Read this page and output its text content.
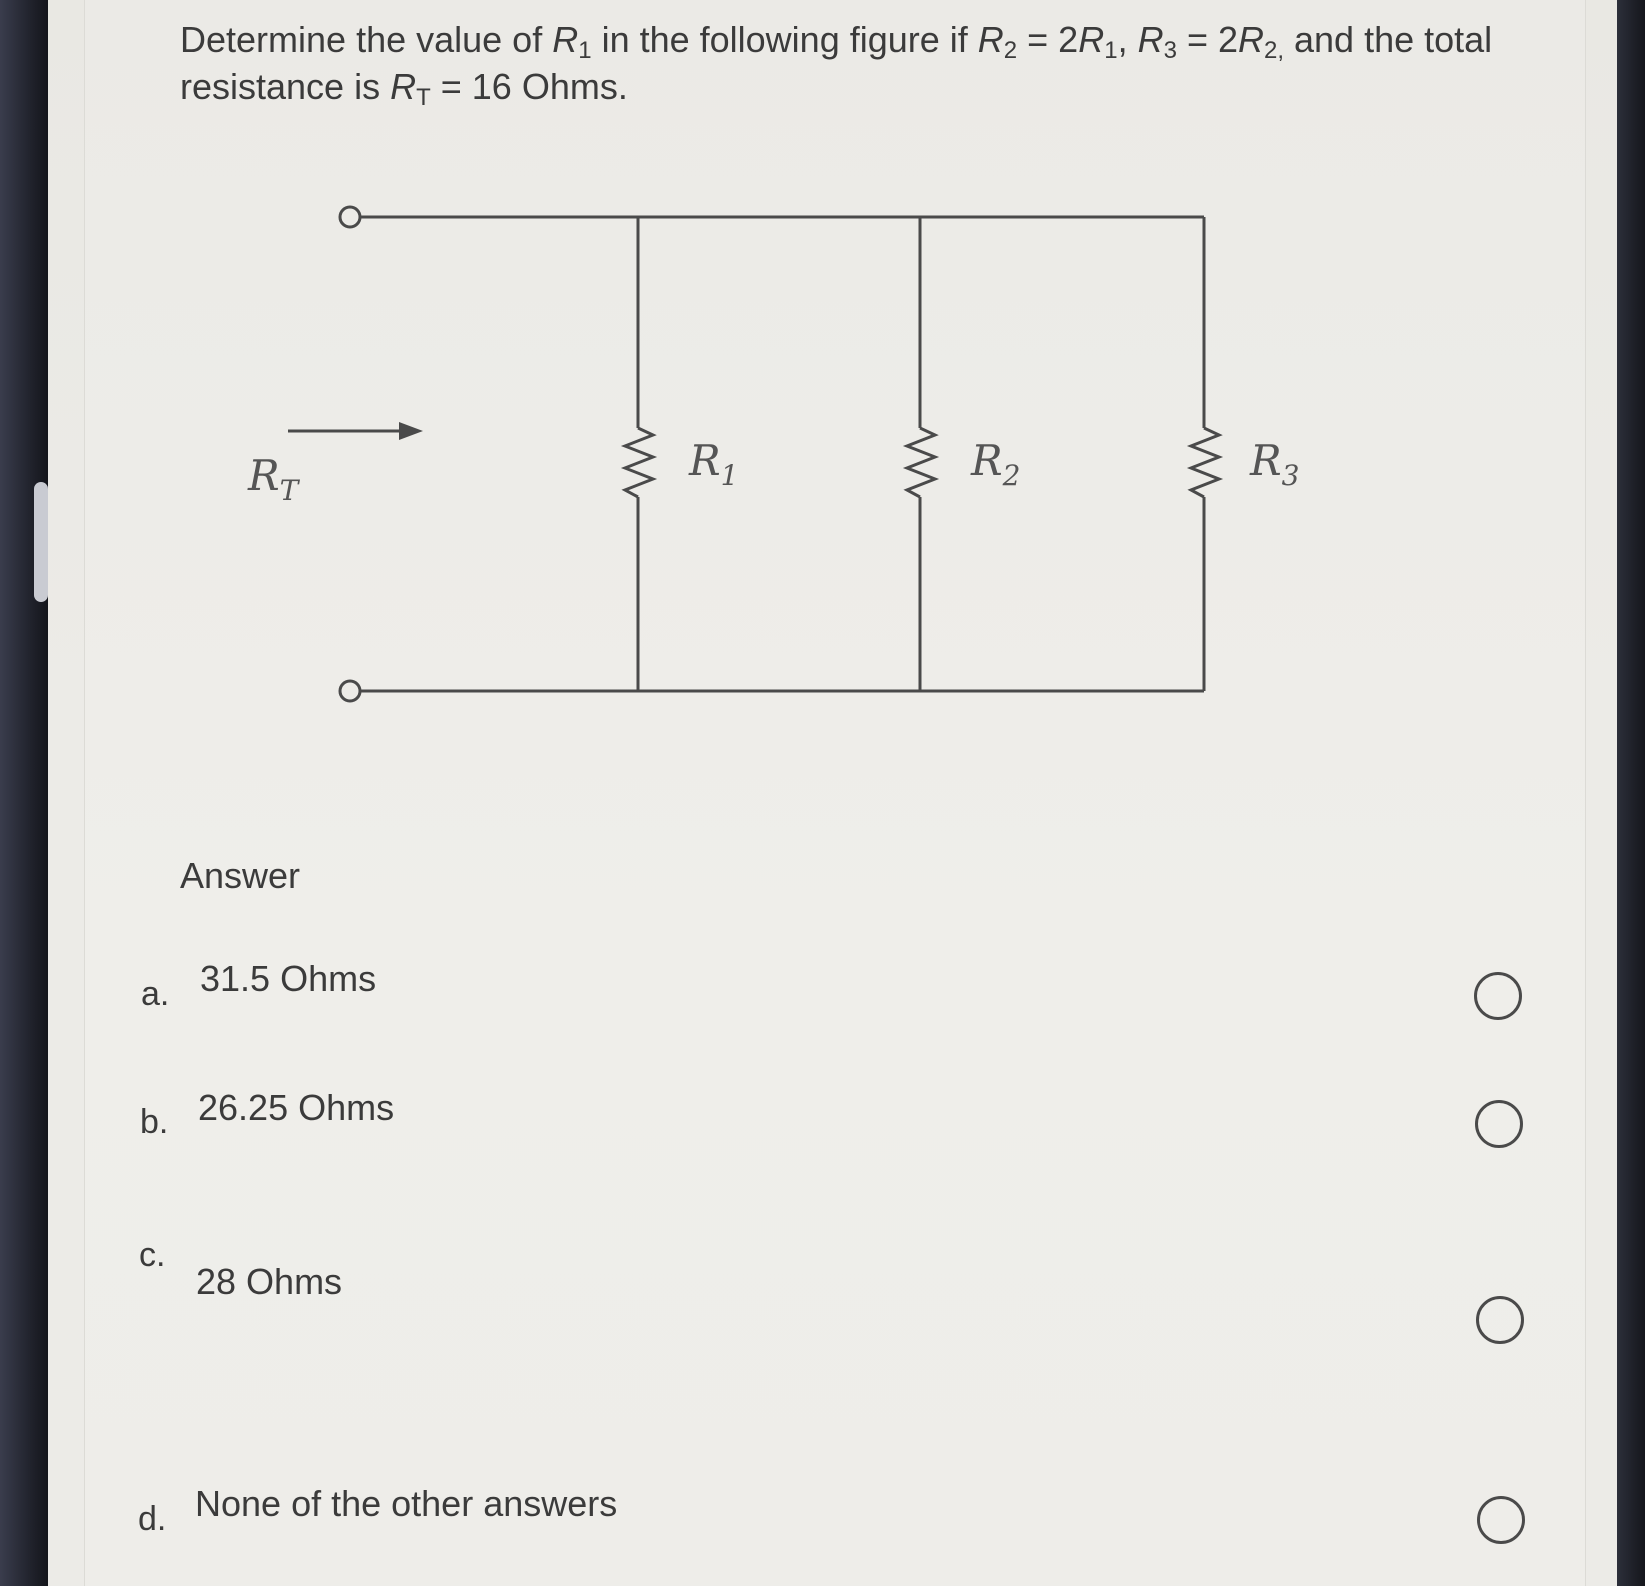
Determine the value of $R_1$ in the following figure if $R_2 = 2R_1$, $R_3 = 2R_{2,}$ and the total resistance is $R_T = 16$ Ohms.
$R_T$
$R_1$	$R_2$	$R_3$
Answer
a. 31.5 Ohms
b. 26.25 Ohms
c.
28 Ohms
d. None of the other answers
